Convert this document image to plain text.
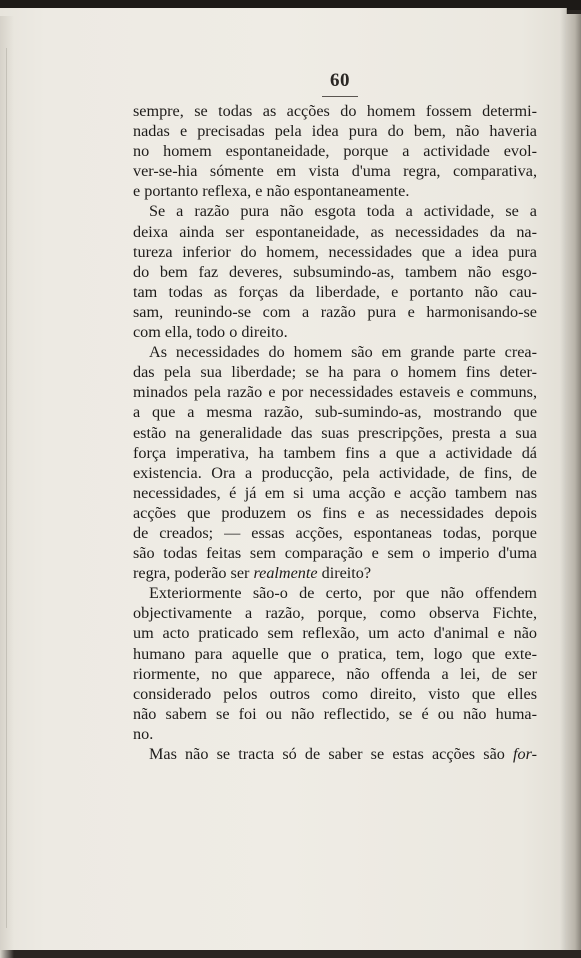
60
sempre, se todas as acções do homem fossem determi-
nadas e precisadas pela idea pura do bem, não haveria
no homem espontaneidade, porque a actividade evol-
ver-se-hia sómente em vista d'uma regra, comparativa,
e portanto reflexa, e não espontaneamente.
Se a razão pura não esgota toda a actividade, se a
deixa ainda ser espontaneidade, as necessidades da na-
tureza inferior do homem, necessidades que a idea pura
do bem faz deveres, subsumindo-as, tambem não esgo-
tam todas as forças da liberdade, e portanto não cau-
sam, reunindo-se com a razão pura e harmonisando-se
com ella, todo o direito.
As necessidades do homem são em grande parte crea-
das pela sua liberdade; se ha para o homem fins deter-
minados pela razão e por necessidades estaveis e communs,
a que a mesma razão, sub-sumindo-as, mostrando que
estão na generalidade das suas prescripções, presta a sua
força imperativa, ha tambem fins a que a actividade dá
existencia. Ora a producção, pela actividade, de fins, de
necessidades, é já em si uma acção e acção tambem nas
acções que produzem os fins e as necessidades depois
de creados; — essas acções, espontaneas todas, porque
são todas feitas sem comparação e sem o imperio d'uma
regra, poderão ser realmente direito?
Exteriormente são-o de certo, por que não offendem
objectivamente a razão, porque, como observa Fichte,
um acto praticado sem reflexão, um acto d'animal e não
humano para aquelle que o pratica, tem, logo que exte-
riormente, no que apparece, não offenda a lei, de ser
considerado pelos outros como direito, visto que elles
não sabem se foi ou não reflectido, se é ou não huma-
no.
Mas não se tracta só de saber se estas acções são for-
